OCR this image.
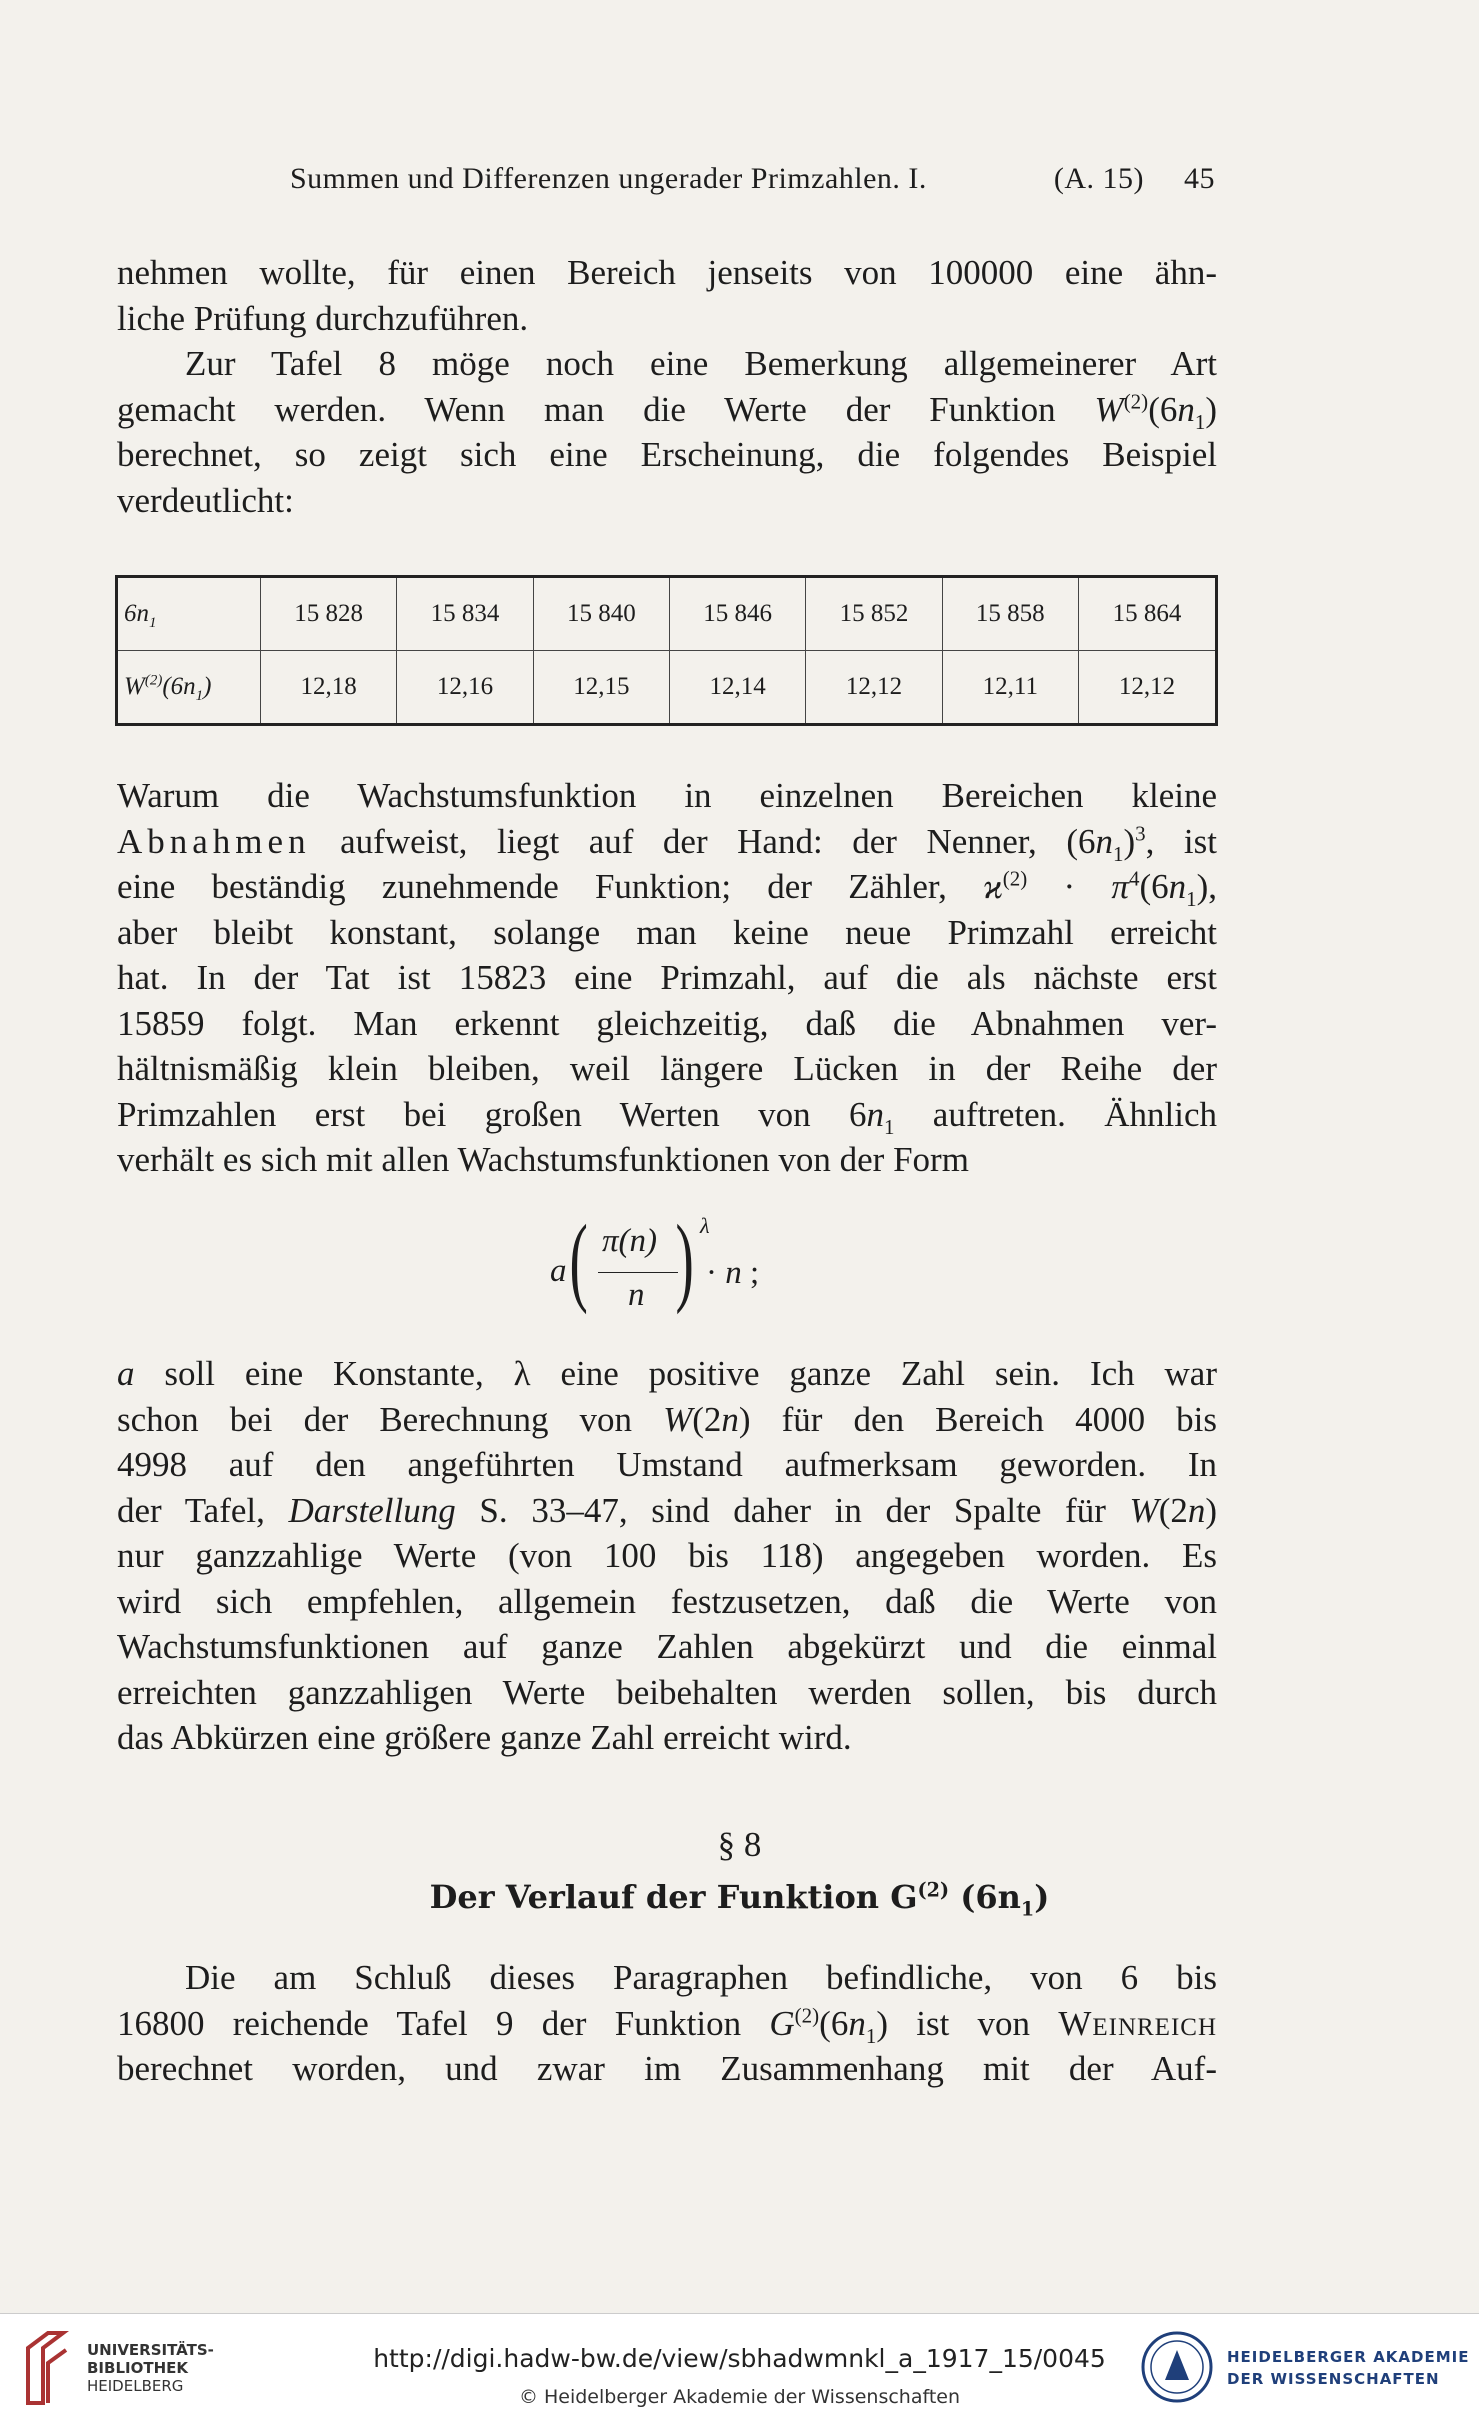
Summen und Differenzen ungerader Primzahlen. I.	(A. 15) 45
nehmen wollte, für einen Bereich jenseits von 100000 eine ähn-
liche Prüfung durchzuführen.
Zur Tafel 8 möge noch eine Bemerkung allgemeinerer Art
gemacht werden. Wenn man die Werte der Funktion $W^{(2)}(6n_1)$
berechnet, so zeigt sich eine Erscheinung, die folgendes Beispiel
verdeutlicht:
$6n_1$	15 828	15 834	15 840	15 846	15 852	15 858	15 864
$W^{(2)}(6n_1)$	12,18	12,16	12,15	12,14	12,12	12,11	12,12
Warum die Wachstumsfunktion in einzelnen Bereichen kleine
Abnahmen aufweist, liegt auf der Hand: der Nenner, $(6n_1)^3$, ist
eine beständig zunehmende Funktion; der Zähler, $ϰ^{(2)} \cdot \pi^4(6n_1)$,
aber bleibt konstant, solange man keine neue Primzahl erreicht
hat. In der Tat ist 15823 eine Primzahl, auf die als nächste erst
15859 folgt. Man erkennt gleichzeitig, daß die Abnahmen ver-
hältnismäßig klein bleiben, weil längere Lücken in der Reihe der
Primzahlen erst bei großen Werten von $6n_1$ auftreten. Ähnlich
verhält es sich mit allen Wachstumsfunktionen von der Form
a ( π(n)
n ) λ
· n ;
a soll eine Konstante, λ eine positive ganze Zahl sein. Ich war
schon bei der Berechnung von W(2n) für den Bereich 4000 bis
4998 auf den angeführten Umstand aufmerksam geworden. In
der Tafel, Darstellung S. 33–47, sind daher in der Spalte für W(2n)
nur ganzzahlige Werte (von 100 bis 118) angegeben worden. Es
wird sich empfehlen, allgemein festzusetzen, daß die Werte von
Wachstumsfunktionen auf ganze Zahlen abgekürzt und die einmal
erreichten ganzzahligen Werte beibehalten werden sollen, bis durch
das Abkürzen eine größere ganze Zahl erreicht wird.
§ 8
Der Verlauf der Funktion $G^{(2)}$ $(6n_1)$
Die am Schluß dieses Paragraphen befindliche, von 6 bis
16800 reichende Tafel 9 der Funktion $G^{(2)}(6n_1)$ ist von Weinreich
berechnet worden, und zwar im Zusammenhang mit der Auf-
UNIVERSITÄTS-
BIBLIOTHEK
HEIDELBERG
http://digi.hadw-bw.de/view/sbhadwmnkl_a_1917_15/0045
© Heidelberger Akademie der Wissenschaften
HEIDELBERGER AKADEMIE
DER WISSENSCHAFTEN
